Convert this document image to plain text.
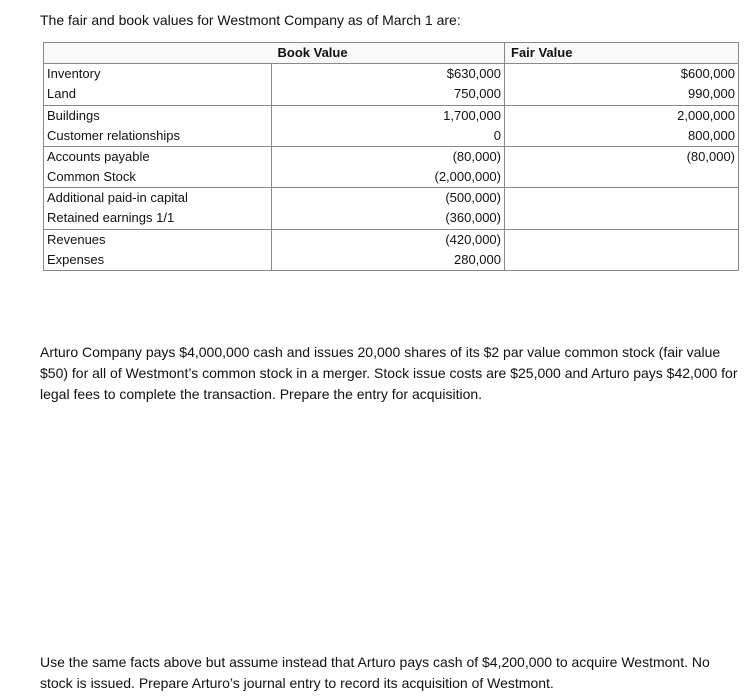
The fair and book values for Westmont Company as of March 1 are:
	Book Value	Fair Value
Inventory	$630,000	$600,000
Land	750,000	990,000
Buildings	1,700,000	2,000,000
Customer relationships	0	800,000
Accounts payable	(80,000)	(80,000)
Common Stock	(2,000,000)	
Additional paid-in capital	(500,000)	
Retained earnings 1/1	(360,000)	
Revenues	(420,000)	
Expenses	280,000	
Arturo Company pays $4,000,000 cash and issues 20,000 shares of its $2 par value common stock (fair value $50) for all of Westmont’s common stock in a merger. Stock issue costs are $25,000 and Arturo pays $42,000 for legal fees to complete the transaction. Prepare the entry for acquisition.
Use the same facts above but assume instead that Arturo pays cash of $4,200,000 to acquire Westmont. No stock is issued. Prepare Arturo’s journal entry to record its acquisition of Westmont.
